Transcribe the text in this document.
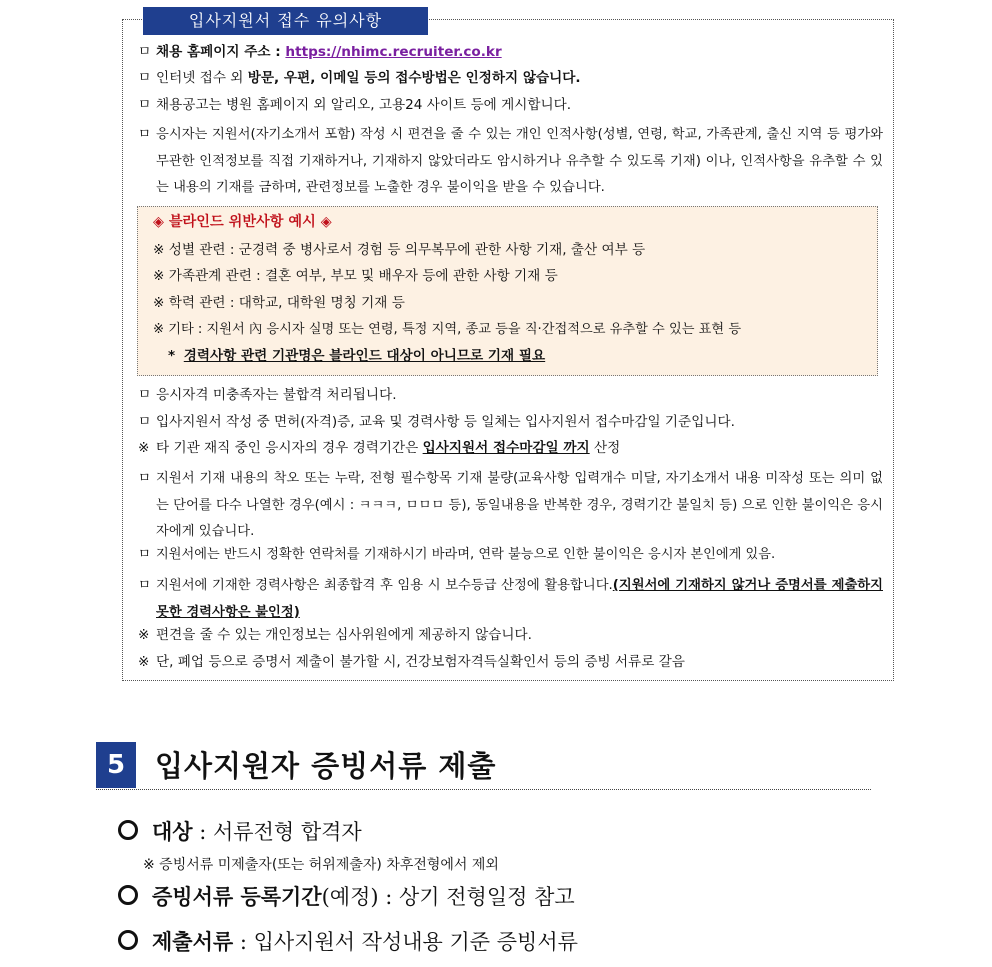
입사지원서 접수 유의사항
ㅁ 채용 홈페이지 주소 : https://nhimc.recruiter.co.kr
ㅁ 인터넷 접수 외 방문, 우편, 이메일 등의 접수방법은 인정하지 않습니다.
ㅁ 채용공고는 병원 홈페이지 외 알리오, 고용24 사이트 등에 게시합니다.
ㅁ 응시자는 지원서(자기소개서 포함) 작성 시 편견을 줄 수 있는 개인 인적사항(성별, 연령, 학교, 가족관계, 출신 지역 등 평가와 무관한 인적정보를 직접 기재하거나, 기재하지 않았더라도 암시하거나 유추할 수 있도록 기재) 이나, 인적사항을 유추할 수 있는 내용의 기재를 금하며, 관련정보를 노출한 경우 불이익을 받을 수 있습니다.
◈ 블라인드 위반사항 예시 ◈
※ 성별 관련 : 군경력 중 병사로서 경험 등 의무복무에 관한 사항 기재, 출산 여부 등
※ 가족관계 관련 : 결혼 여부, 부모 및 배우자 등에 관한 사항 기재 등
※ 학력 관련 : 대학교, 대학원 명칭 기재 등
※ 기타 : 지원서 內 응시자 실명 또는 연령, 특정 지역, 종교 등을 직·간접적으로 유추할 수 있는 표현 등
* 경력사항 관련 기관명은 블라인드 대상이 아니므로 기재 필요
ㅁ 응시자격 미충족자는 불합격 처리됩니다.
ㅁ 입사지원서 작성 중 면허(자격)증, 교육 및 경력사항 등 일체는 입사지원서 접수마감일 기준입니다.
※ 타 기관 재직 중인 응시자의 경우 경력기간은 입사지원서 접수마감일 까지 산정
ㅁ 지원서 기재 내용의 착오 또는 누락, 전형 필수항목 기재 불량(교육사항 입력개수 미달, 자기소개서 내용 미작성 또는 의미 없는 단어를 다수 나열한 경우(예시 : ㅋㅋㅋ, ㅁㅁㅁ 등), 동일내용을 반복한 경우, 경력기간 불일치 등) 으로 인한 불이익은 응시자에게 있습니다.
ㅁ 지원서에는 반드시 정확한 연락처를 기재하시기 바라며, 연락 불능으로 인한 불이익은 응시자 본인에게 있음.
ㅁ 지원서에 기재한 경력사항은 최종합격 후 임용 시 보수등급 산정에 활용합니다.(지원서에 기재하지 않거나 증명서를 제출하지 못한 경력사항은 불인정)
※ 편견을 줄 수 있는 개인정보는 심사위원에게 제공하지 않습니다.
※ 단, 폐업 등으로 증명서 제출이 불가할 시, 건강보험자격득실확인서 등의 증빙 서류로 갈음
5	입사지원자 증빙서류 제출
대상 : 서류전형 합격자
※ 증빙서류 미제출자(또는 허위제출자) 차후전형에서 제외
증빙서류 등록기간(예정) : 상기 전형일정 참고
제출서류 : 입사지원서 작성내용 기준 증빙서류
